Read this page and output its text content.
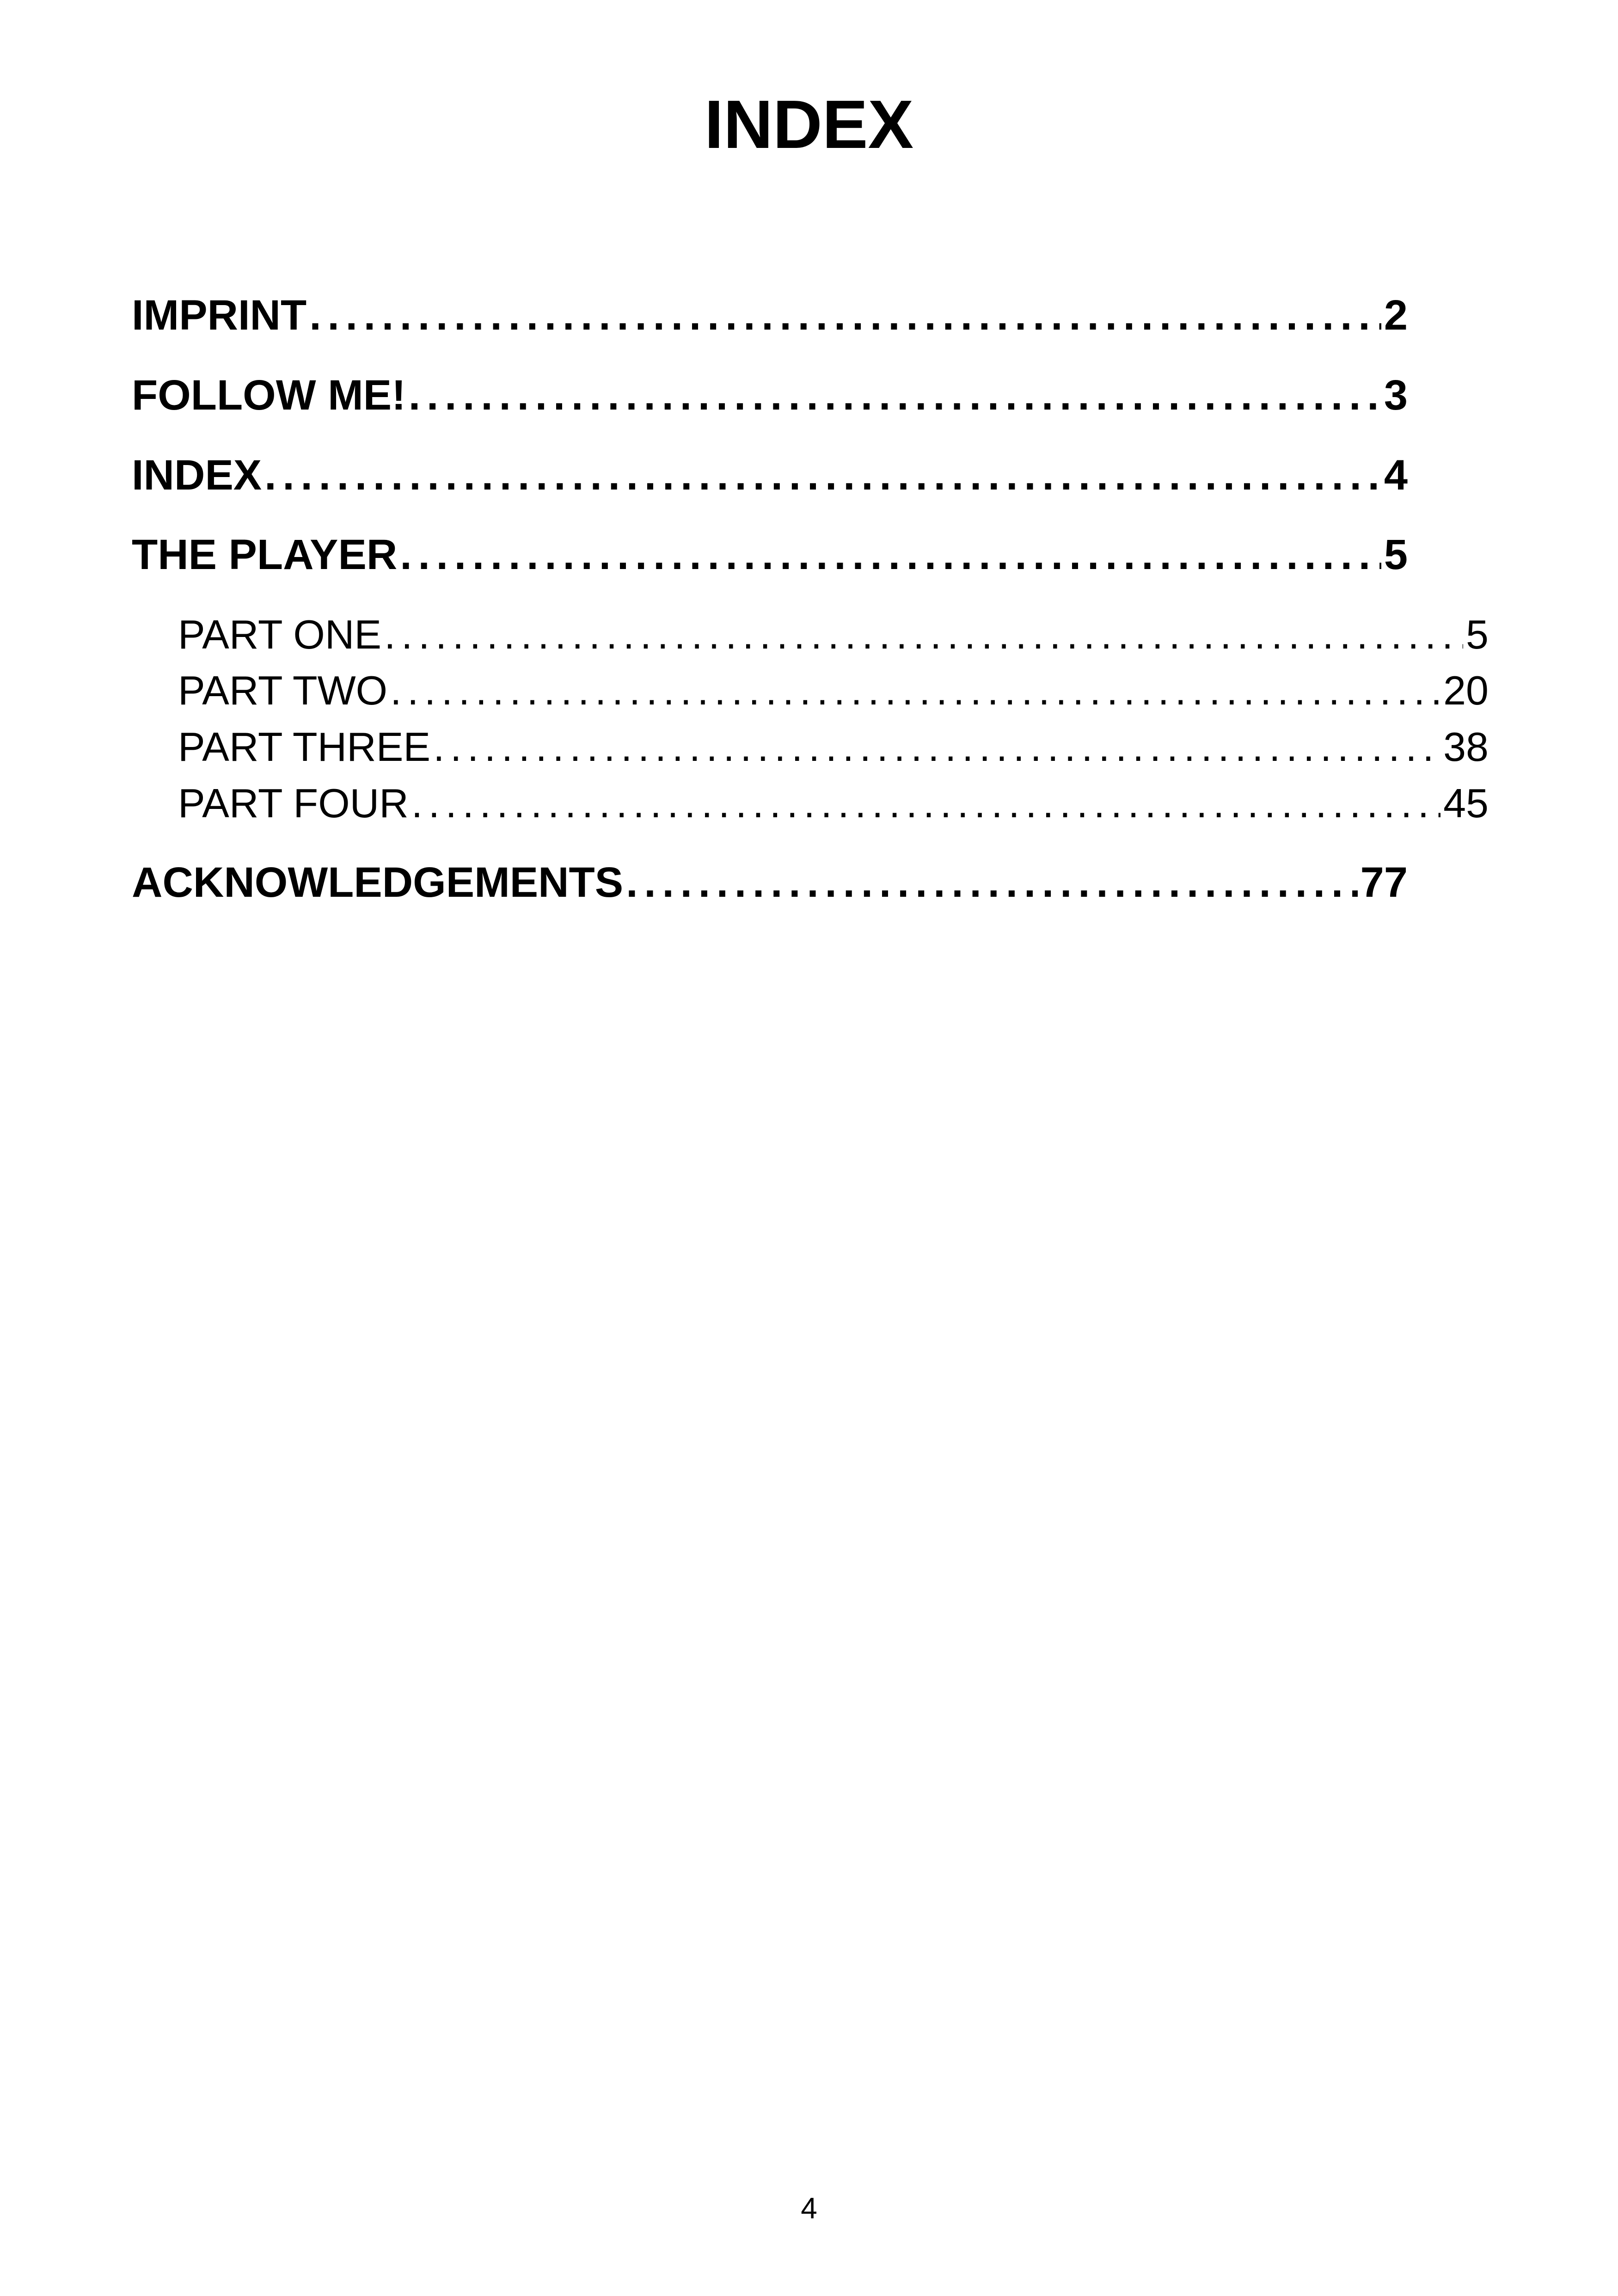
INDEX
IMPRINT . . .	2
FOLLOW ME! . . .	3
INDEX . . .	4
THE PLAYER . . .	5
PART ONE . . .	5
PART TWO . . .	20
PART THREE . . .	38
PART FOUR . . .	45
ACKNOWLEDGEMENTS . . .	77
4
